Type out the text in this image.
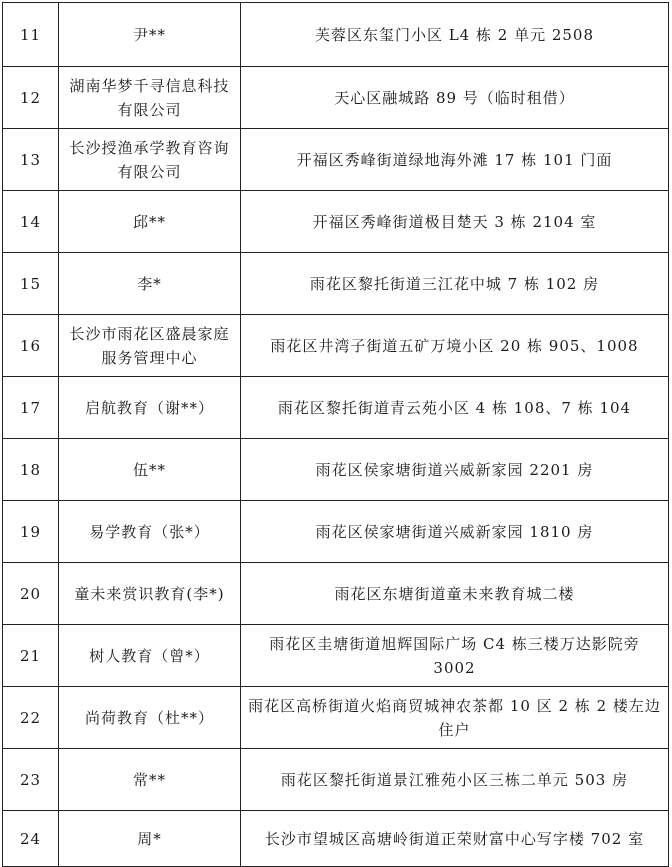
11	尹**	芙蓉区东玺门小区 L4 栋 2 单元 2508
12	湖南华梦千寻信息科技有限公司	天心区融城路 89 号（临时租借）
13	长沙授渔承学教育咨询有限公司	开福区秀峰街道绿地海外滩 17 栋 101 门面
14	邱**	开福区秀峰街道极目楚天 3 栋 2104 室
15	李*	雨花区黎托街道三江花中城 7 栋 102 房
16	长沙市雨花区盛晨家庭服务管理中心	雨花区井湾子街道五矿万境小区 20 栋 905、1008
17	启航教育（谢**）	雨花区黎托街道青云苑小区 4 栋 108、7 栋 104
18	伍**	雨花区侯家塘街道兴威新家园 2201 房
19	易学教育（张*）	雨花区侯家塘街道兴威新家园 1810 房
20	童未来赏识教育(李*)	雨花区东塘街道童未来教育城二楼
21	树人教育（曾*）	雨花区圭塘街道旭辉国际广场 C4 栋三楼万达影院旁 3002
22	尚荷教育（杜**）	雨花区高桥街道火焰商贸城神农茶都 10 区 2 栋 2 楼左边住户
23	常**	雨花区黎托街道景江雅苑小区三栋二单元 503 房
24	周*	长沙市望城区高塘岭街道正荣财富中心写字楼 702 室
